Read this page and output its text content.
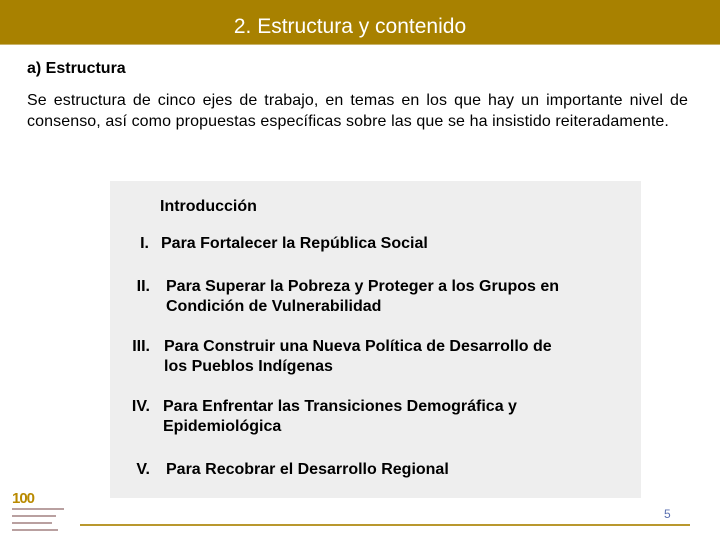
2. Estructura y contenido
a) Estructura
Se estructura de cinco ejes de trabajo, en temas en los que hay un importante nivel de consenso, así como propuestas específicas sobre las que se ha insistido reiteradamente.
Introducción
I. Para Fortalecer la República Social
II. Para Superar la Pobreza y Proteger a los Grupos en
Condición de Vulnerabilidad
III. Para Construir una Nueva Política de Desarrollo de
los Pueblos Indígenas
IV. Para Enfrentar las Transiciones Demográfica y
Epidemiológica
V. Para Recobrar el Desarrollo Regional
100
5
